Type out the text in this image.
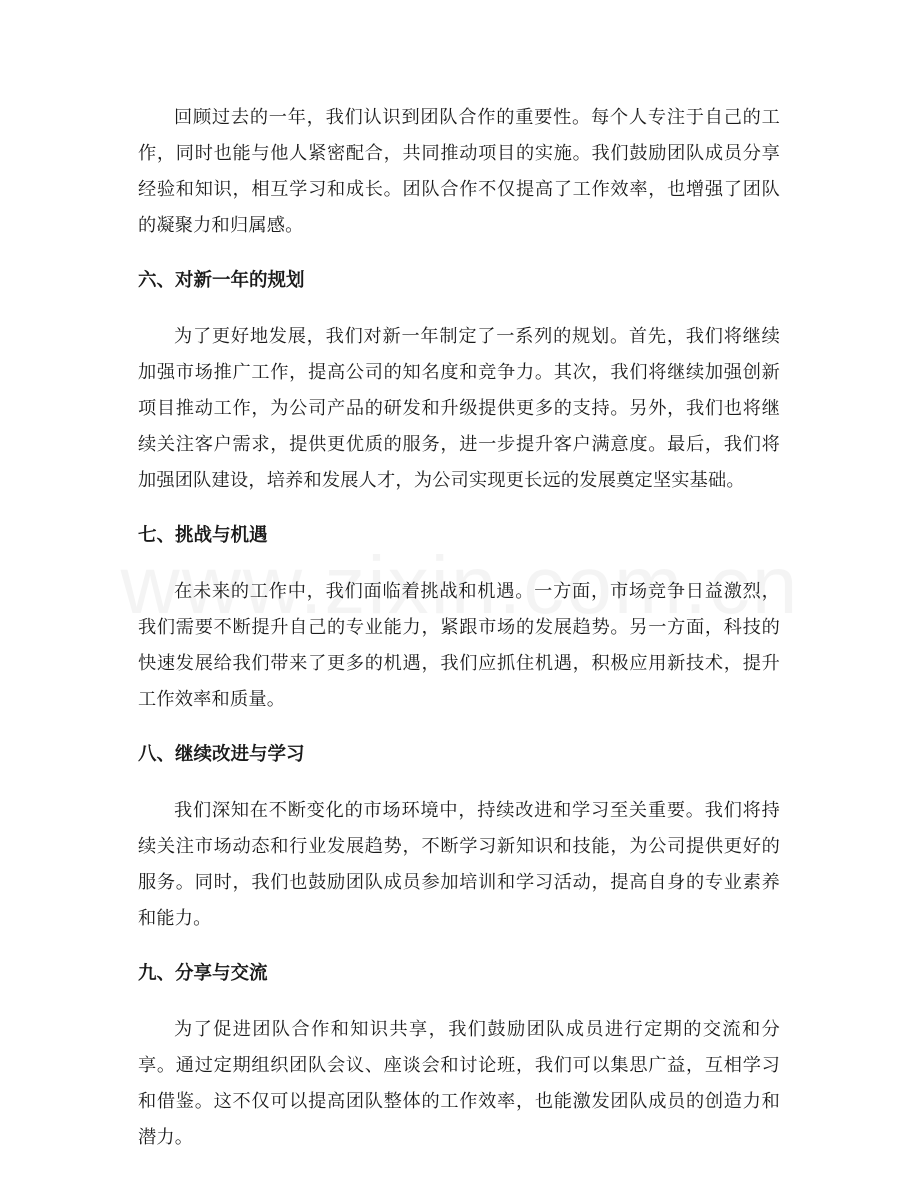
回顾过去的一年，我们认识到团队合作的重要性。每个人专注于自己的工作，同时也能与他人紧密配合，共同推动项目的实施。我们鼓励团队成员分享经验和知识，相互学习和成长。团队合作不仅提高了工作效率，也增强了团队的凝聚力和归属感。

六、对新一年的规划

为了更好地发展，我们对新一年制定了一系列的规划。首先，我们将继续加强市场推广工作，提高公司的知名度和竞争力。其次，我们将继续加强创新项目推动工作，为公司产品的研发和升级提供更多的支持。另外，我们也将继续关注客户需求，提供更优质的服务，进一步提升客户满意度。最后，我们将加强团队建设，培养和发展人才，为公司实现更长远的发展奠定坚实基础。

七、挑战与机遇

在未来的工作中，我们面临着挑战和机遇。一方面，市场竞争日益激烈，我们需要不断提升自己的专业能力，紧跟市场的发展趋势。另一方面，科技的快速发展给我们带来了更多的机遇，我们应抓住机遇，积极应用新技术，提升工作效率和质量。

八、继续改进与学习

我们深知在不断变化的市场环境中，持续改进和学习至关重要。我们将持续关注市场动态和行业发展趋势，不断学习新知识和技能，为公司提供更好的服务。同时，我们也鼓励团队成员参加培训和学习活动，提高自身的专业素养和能力。

九、分享与交流

为了促进团队合作和知识共享，我们鼓励团队成员进行定期的交流和分享。通过定期组织团队会议、座谈会和讨论班，我们可以集思广益，互相学习和借鉴。这不仅可以提高团队整体的工作效率，也能激发团队成员的创造力和潜力。
